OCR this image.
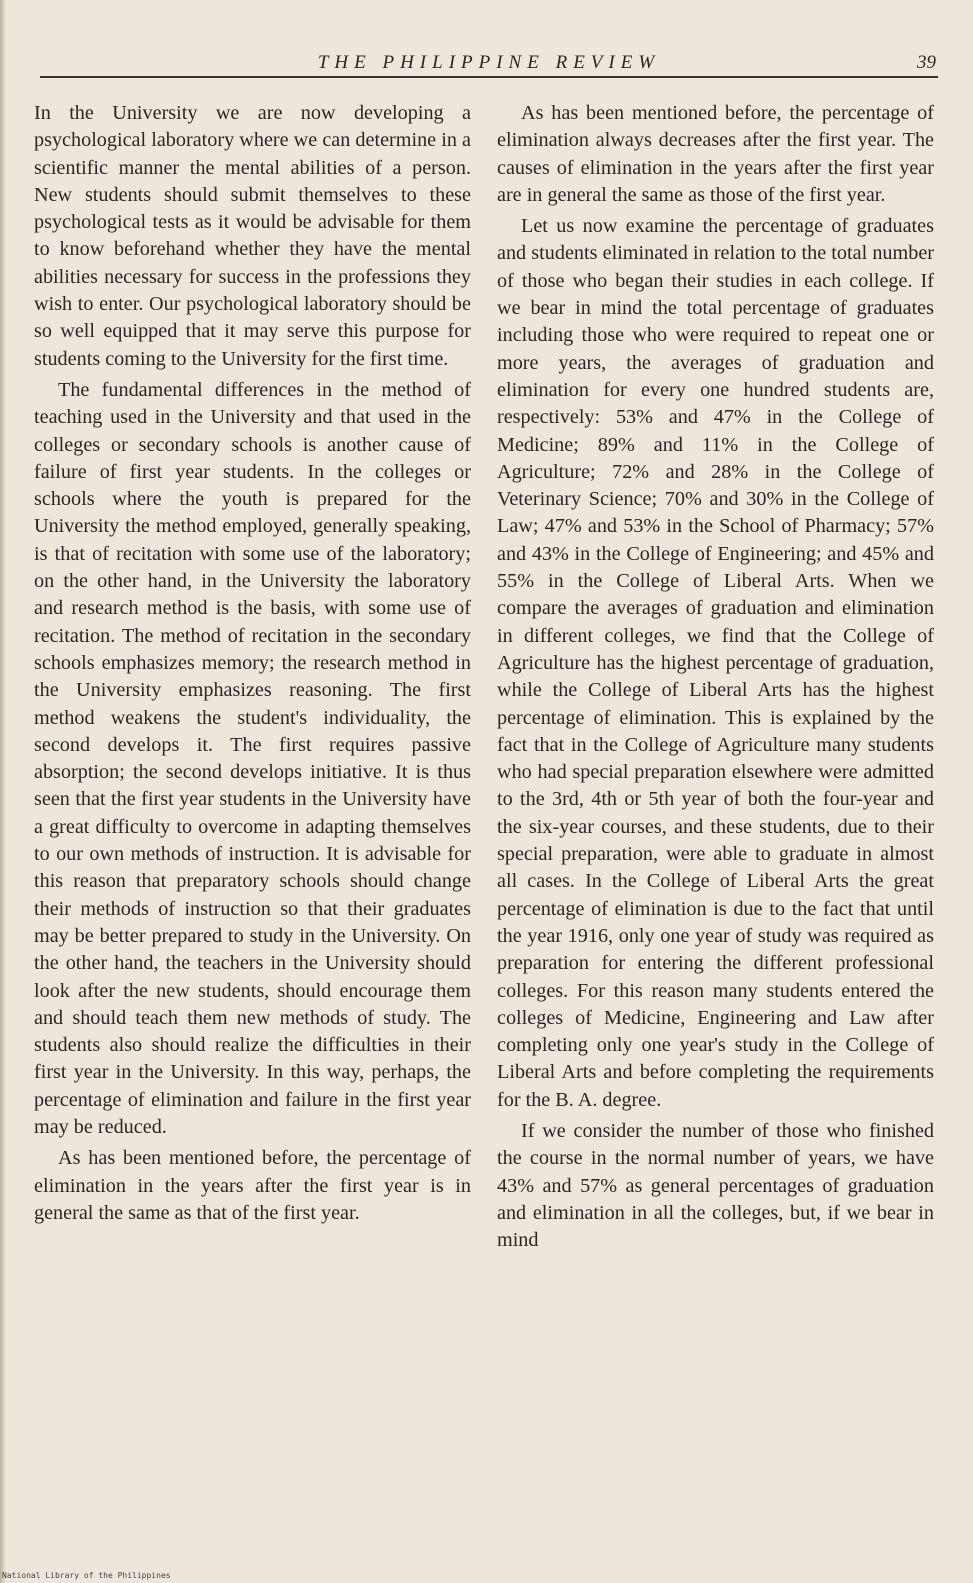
THE PHILIPPINE REVIEW	39

In the University we are now developing a psychological laboratory where we can determine in a scientific manner the mental abilities of a person. New students should submit themselves to these psychological tests as it would be advisable for them to know beforehand whether they have the mental abilities necessary for success in the professions they wish to enter. Our psychological laboratory should be so well equipped that it may serve this purpose for students coming to the University for the first time.

The fundamental differences in the method of teaching used in the University and that used in the colleges or secondary schools is another cause of failure of first year students. In the colleges or schools where the youth is prepared for the University the method employed, generally speaking, is that of recitation with some use of the laboratory; on the other hand, in the University the laboratory and research method is the basis, with some use of recitation. The method of recitation in the secondary schools emphasizes memory; the research method in the University emphasizes reasoning. The first method weakens the student's individuality, the second develops it. The first requires passive absorption; the second develops initiative. It is thus seen that the first year students in the University have a great difficulty to overcome in adapting themselves to our own methods of instruction. It is advisable for this reason that preparatory schools should change their methods of instruction so that their graduates may be better prepared to study in the University. On the other hand, the teachers in the University should look after the new students, should encourage them and should teach them new methods of study. The students also should realize the difficulties in their first year in the University. In this way, perhaps, the percentage of elimination and failure in the first year may be reduced.

As has been mentioned before, the percentage of elimination in the years after the first year is in general the same as that of the first year.

As has been mentioned before, the percentage of elimination always decreases after the first year. The causes of elimination in the years after the first year are in general the same as those of the first year.

Let us now examine the percentage of graduates and students eliminated in relation to the total number of those who began their studies in each college. If we bear in mind the total percentage of graduates including those who were required to repeat one or more years, the averages of graduation and elimination for every one hundred students are, respectively: 53% and 47% in the College of Medicine; 89% and 11% in the College of Agriculture; 72% and 28% in the College of Veterinary Science; 70% and 30% in the College of Law; 47% and 53% in the School of Pharmacy; 57% and 43% in the College of Engineering; and 45% and 55% in the College of Liberal Arts. When we compare the averages of graduation and elimination in different colleges, we find that the College of Agriculture has the highest percentage of graduation, while the College of Liberal Arts has the highest percentage of elimination. This is explained by the fact that in the College of Agriculture many students who had special preparation elsewhere were admitted to the 3rd, 4th or 5th year of both the four-year and the six-year courses, and these students, due to their special preparation, were able to graduate in almost all cases. In the College of Liberal Arts the great percentage of elimination is due to the fact that until the year 1916, only one year of study was required as preparation for entering the different professional colleges. For this reason many students entered the colleges of Medicine, Engineering and Law after completing only one year's study in the College of Liberal Arts and before completing the requirements for the B. A. degree.

If we consider the number of those who finished the course in the normal number of years, we have 43% and 57% as general percentages of graduation and elimination in all the colleges, but, if we bear in mind

National Library of the Philippines
